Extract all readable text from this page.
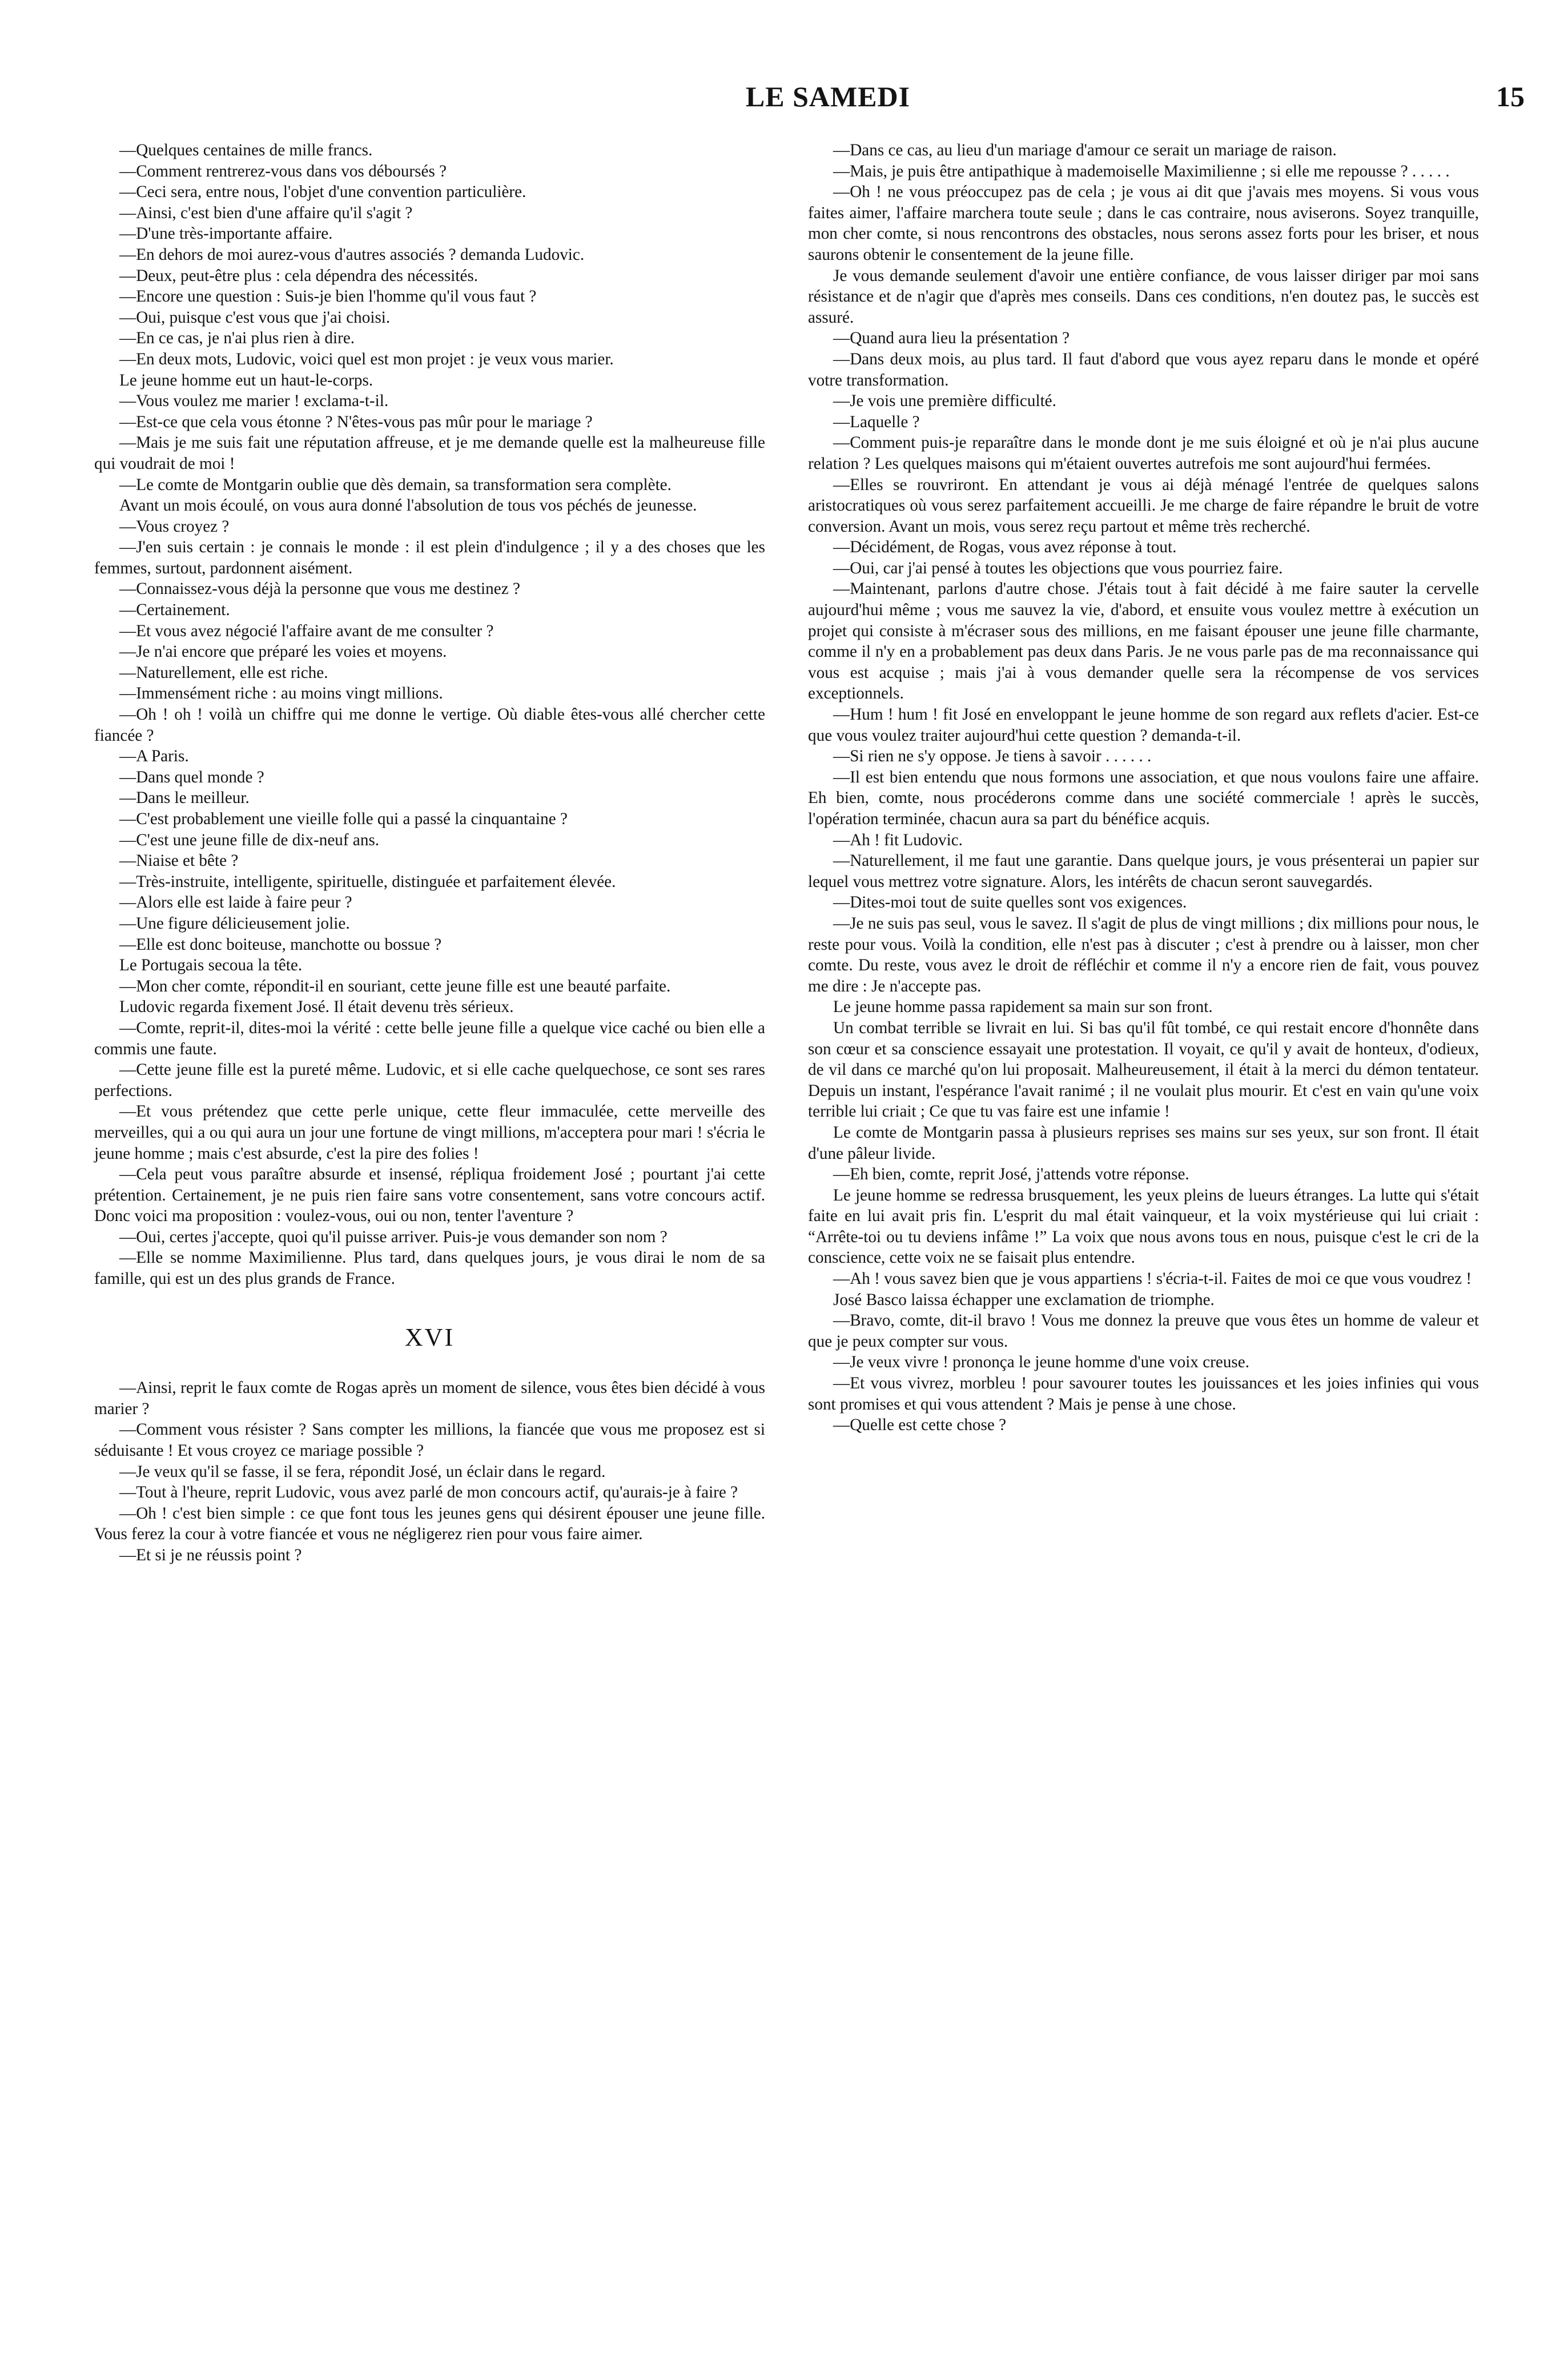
LE SAMEDI	15

—Quelques centaines de mille francs.

—Comment rentrerez-vous dans vos déboursés ?

—Ceci sera, entre nous, l'objet d'une convention particulière.

—Ainsi, c'est bien d'une affaire qu'il s'agit ?

—D'une très-importante affaire.

—En dehors de moi aurez-vous d'autres associés ? demanda Ludovic.

—Deux, peut-être plus : cela dépendra des nécessités.

—Encore une question : Suis-je bien l'homme qu'il vous faut ?

—Oui, puisque c'est vous que j'ai choisi.

—En ce cas, je n'ai plus rien à dire.

—En deux mots, Ludovic, voici quel est mon projet : je veux vous marier.

Le jeune homme eut un haut-le-corps.

—Vous voulez me marier ! exclama-t-il.

—Est-ce que cela vous étonne ? N'êtes-vous pas mûr pour le mariage ?

—Mais je me suis fait une réputation affreuse, et je me demande quelle est la malheureuse fille qui voudrait de moi !

—Le comte de Montgarin oublie que dès demain, sa transformation sera complète.

Avant un mois écoulé, on vous aura donné l'absolution de tous vos péchés de jeunesse.

—Vous croyez ?

—J'en suis certain : je connais le monde : il est plein d'indulgence ; il y a des choses que les femmes, surtout, pardonnent aisément.

—Connaissez-vous déjà la personne que vous me destinez ?

—Certainement.

—Et vous avez négocié l'affaire avant de me consulter ?

—Je n'ai encore que préparé les voies et moyens.

—Naturellement, elle est riche.

—Immensément riche : au moins vingt millions.

—Oh ! oh ! voilà un chiffre qui me donne le vertige. Où diable êtes-vous allé chercher cette fiancée ?

—A Paris.

—Dans quel monde ?

—Dans le meilleur.

—C'est probablement une vieille folle qui a passé la cinquantaine ?

—C'est une jeune fille de dix-neuf ans.

—Niaise et bête ?

—Très-instruite, intelligente, spirituelle, distinguée et parfaitement élevée.

—Alors elle est laide à faire peur ?

—Une figure délicieusement jolie.

—Elle est donc boiteuse, manchotte ou bossue ?

Le Portugais secoua la tête.

—Mon cher comte, répondit-il en souriant, cette jeune fille est une beauté parfaite.

Ludovic regarda fixement José. Il était devenu très sérieux.

—Comte, reprit-il, dites-moi la vérité : cette belle jeune fille a quelque vice caché ou bien elle a commis une faute.

—Cette jeune fille est la pureté même. Ludovic, et si elle cache quelquechose, ce sont ses rares perfections.

—Et vous prétendez que cette perle unique, cette fleur immaculée, cette merveille des merveilles, qui a ou qui aura un jour une fortune de vingt millions, m'acceptera pour mari ! s'écria le jeune homme ; mais c'est absurde, c'est la pire des folies !

—Cela peut vous paraître absurde et insensé, répliqua froidement José ; pourtant j'ai cette prétention. Certainement, je ne puis rien faire sans votre consentement, sans votre concours actif. Donc voici ma proposition : voulez-vous, oui ou non, tenter l'aventure ?

—Oui, certes j'accepte, quoi qu'il puisse arriver. Puis-je vous demander son nom ?

—Elle se nomme Maximilienne. Plus tard, dans quelques jours, je vous dirai le nom de sa famille, qui est un des plus grands de France.

XVI

—Ainsi, reprit le faux comte de Rogas après un moment de silence, vous êtes bien décidé à vous marier ?

—Comment vous résister ? Sans compter les millions, la fiancée que vous me proposez est si séduisante ! Et vous croyez ce mariage possible ?

—Je veux qu'il se fasse, il se fera, répondit José, un éclair dans le regard.

—Tout à l'heure, reprit Ludovic, vous avez parlé de mon concours actif, qu'aurais-je à faire ?

—Oh ! c'est bien simple : ce que font tous les jeunes gens qui désirent épouser une jeune fille. Vous ferez la cour à votre fiancée et vous ne négligerez rien pour vous faire aimer.

—Et si je ne réussis point ?

—Dans ce cas, au lieu d'un mariage d'amour ce serait un mariage de raison.

—Mais, je puis être antipathique à mademoiselle Maximilienne ; si elle me repousse ? . . . . .

—Oh ! ne vous préoccupez pas de cela ; je vous ai dit que j'avais mes moyens. Si vous vous faites aimer, l'affaire marchera toute seule ; dans le cas contraire, nous aviserons. Soyez tranquille, mon cher comte, si nous rencontrons des obstacles, nous serons assez forts pour les briser, et nous saurons obtenir le consentement de la jeune fille.

Je vous demande seulement d'avoir une entière confiance, de vous laisser diriger par moi sans résistance et de n'agir que d'après mes conseils. Dans ces conditions, n'en doutez pas, le succès est assuré.

—Quand aura lieu la présentation ?

—Dans deux mois, au plus tard. Il faut d'abord que vous ayez reparu dans le monde et opéré votre transformation.

—Je vois une première difficulté.

—Laquelle ?

—Comment puis-je reparaître dans le monde dont je me suis éloigné et où je n'ai plus aucune relation ? Les quelques maisons qui m'étaient ouvertes autrefois me sont aujourd'hui fermées.

—Elles se rouvriront. En attendant je vous ai déjà ménagé l'entrée de quelques salons aristocratiques où vous serez parfaitement accueilli. Je me charge de faire répandre le bruit de votre conversion. Avant un mois, vous serez reçu partout et même très recherché.

—Décidément, de Rogas, vous avez réponse à tout.

—Oui, car j'ai pensé à toutes les objections que vous pourriez faire.

—Maintenant, parlons d'autre chose. J'étais tout à fait décidé à me faire sauter la cervelle aujourd'hui même ; vous me sauvez la vie, d'abord, et ensuite vous voulez mettre à exécution un projet qui consiste à m'écraser sous des millions, en me faisant épouser une jeune fille charmante, comme il n'y en a probablement pas deux dans Paris. Je ne vous parle pas de ma reconnaissance qui vous est acquise ; mais j'ai à vous demander quelle sera la récompense de vos services exceptionnels.

—Hum ! hum ! fit José en enveloppant le jeune homme de son regard aux reflets d'acier. Est-ce que vous voulez traiter aujourd'hui cette question ? demanda-t-il.

—Si rien ne s'y oppose. Je tiens à savoir . . . . . .

—Il est bien entendu que nous formons une association, et que nous voulons faire une affaire. Eh bien, comte, nous procéderons comme dans une société commerciale ! après le succès, l'opération terminée, chacun aura sa part du bénéfice acquis.

—Ah ! fit Ludovic.

—Naturellement, il me faut une garantie. Dans quelque jours, je vous présenterai un papier sur lequel vous mettrez votre signature. Alors, les intérêts de chacun seront sauvegardés.

—Dites-moi tout de suite quelles sont vos exigences.

—Je ne suis pas seul, vous le savez. Il s'agit de plus de vingt millions ; dix millions pour nous, le reste pour vous. Voilà la condition, elle n'est pas à discuter ; c'est à prendre ou à laisser, mon cher comte. Du reste, vous avez le droit de réfléchir et comme il n'y a encore rien de fait, vous pouvez me dire : Je n'accepte pas.

Le jeune homme passa rapidement sa main sur son front.

Un combat terrible se livrait en lui. Si bas qu'il fût tombé, ce qui restait encore d'honnête dans son cœur et sa conscience essayait une protestation. Il voyait, ce qu'il y avait de honteux, d'odieux, de vil dans ce marché qu'on lui proposait. Malheureusement, il était à la merci du démon tentateur. Depuis un instant, l'espérance l'avait ranimé ; il ne voulait plus mourir. Et c'est en vain qu'une voix terrible lui criait ; Ce que tu vas faire est une infamie !

Le comte de Montgarin passa à plusieurs reprises ses mains sur ses yeux, sur son front. Il était d'une pâleur livide.

—Eh bien, comte, reprit José, j'attends votre réponse.

Le jeune homme se redressa brusquement, les yeux pleins de lueurs étranges. La lutte qui s'était faite en lui avait pris fin. L'esprit du mal était vainqueur, et la voix mystérieuse qui lui criait : “Arrête-toi ou tu deviens infâme !” La voix que nous avons tous en nous, puisque c'est le cri de la conscience, cette voix ne se faisait plus entendre.

—Ah ! vous savez bien que je vous appartiens ! s'écria-t-il. Faites de moi ce que vous voudrez !

José Basco laissa échapper une exclamation de triomphe.

—Bravo, comte, dit-il bravo ! Vous me donnez la preuve que vous êtes un homme de valeur et que je peux compter sur vous.

—Je veux vivre ! prononça le jeune homme d'une voix creuse.

—Et vous vivrez, morbleu ! pour savourer toutes les jouissances et les joies infinies qui vous sont promises et qui vous attendent ? Mais je pense à une chose.

—Quelle est cette chose ?
